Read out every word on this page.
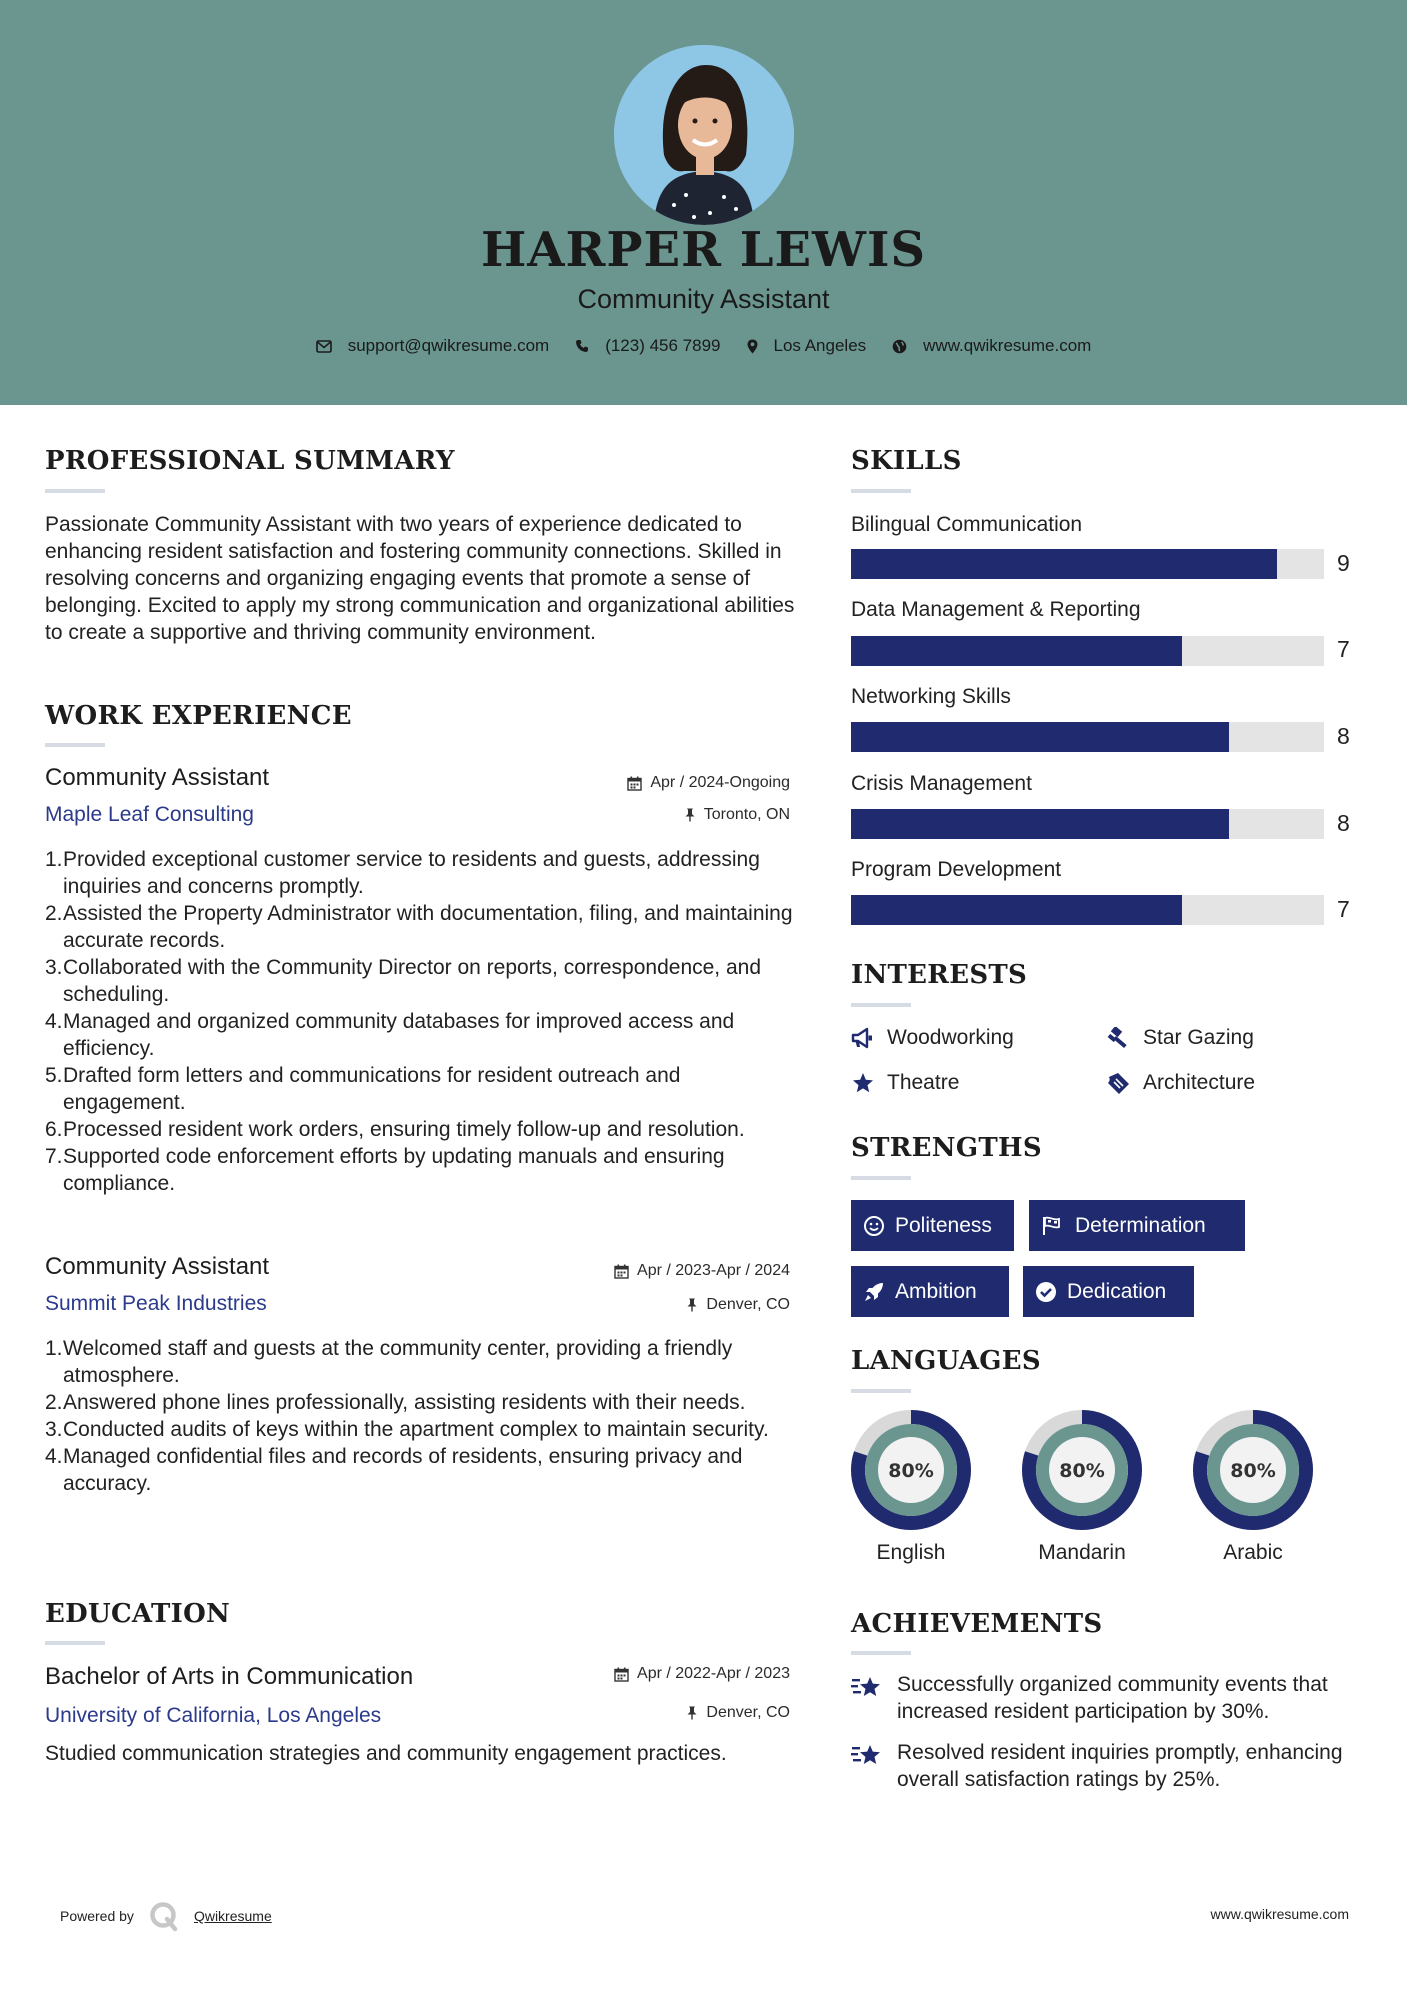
HARPER LEWIS
Community Assistant
support@qwikresume.com	(123) 456 7899	Los Angeles	www.qwikresume.com
PROFESSIONAL SUMMARY
Passionate Community Assistant with two years of experience dedicated to enhancing resident satisfaction and fostering community connections. Skilled in resolving concerns and organizing engaging events that promote a sense of belonging. Excited to apply my strong communication and organizational abilities to create a supportive and thriving community environment.
WORK EXPERIENCE
Community Assistant	Apr / 2024-Ongoing
Maple Leaf Consulting	Toronto, ON
1. Provided exceptional customer service to residents and guests, addressing inquiries and concerns promptly.
2. Assisted the Property Administrator with documentation, filing, and maintaining accurate records.
3. Collaborated with the Community Director on reports, correspondence, and scheduling.
4. Managed and organized community databases for improved access and efficiency.
5. Drafted form letters and communications for resident outreach and engagement.
6. Processed resident work orders, ensuring timely follow-up and resolution.
7. Supported code enforcement efforts by updating manuals and ensuring compliance.
Community Assistant	Apr / 2023-Apr / 2024
Summit Peak Industries	Denver, CO
1. Welcomed staff and guests at the community center, providing a friendly atmosphere.
2. Answered phone lines professionally, assisting residents with their needs.
3. Conducted audits of keys within the apartment complex to maintain security.
4. Managed confidential files and records of residents, ensuring privacy and accuracy.
EDUCATION
Bachelor of Arts in Communication	Apr / 2022-Apr / 2023
University of California, Los Angeles	Denver, CO
Studied communication strategies and community engagement practices.
SKILLS
Bilingual Communication
9
Data Management & Reporting
7
Networking Skills
8
Crisis Management
8
Program Development
7
INTERESTS
Woodworking	Star Gazing
Theatre	Architecture
STRENGTHS
Politeness	Determination
Ambition	Dedication
LANGUAGES
80%
English
80%
Mandarin
80%
Arabic
ACHIEVEMENTS
Successfully organized community events that increased resident participation by 30%.
Resolved resident inquiries promptly, enhancing overall satisfaction ratings by 25%.
Powered by	Qwikresume	www.qwikresume.com
